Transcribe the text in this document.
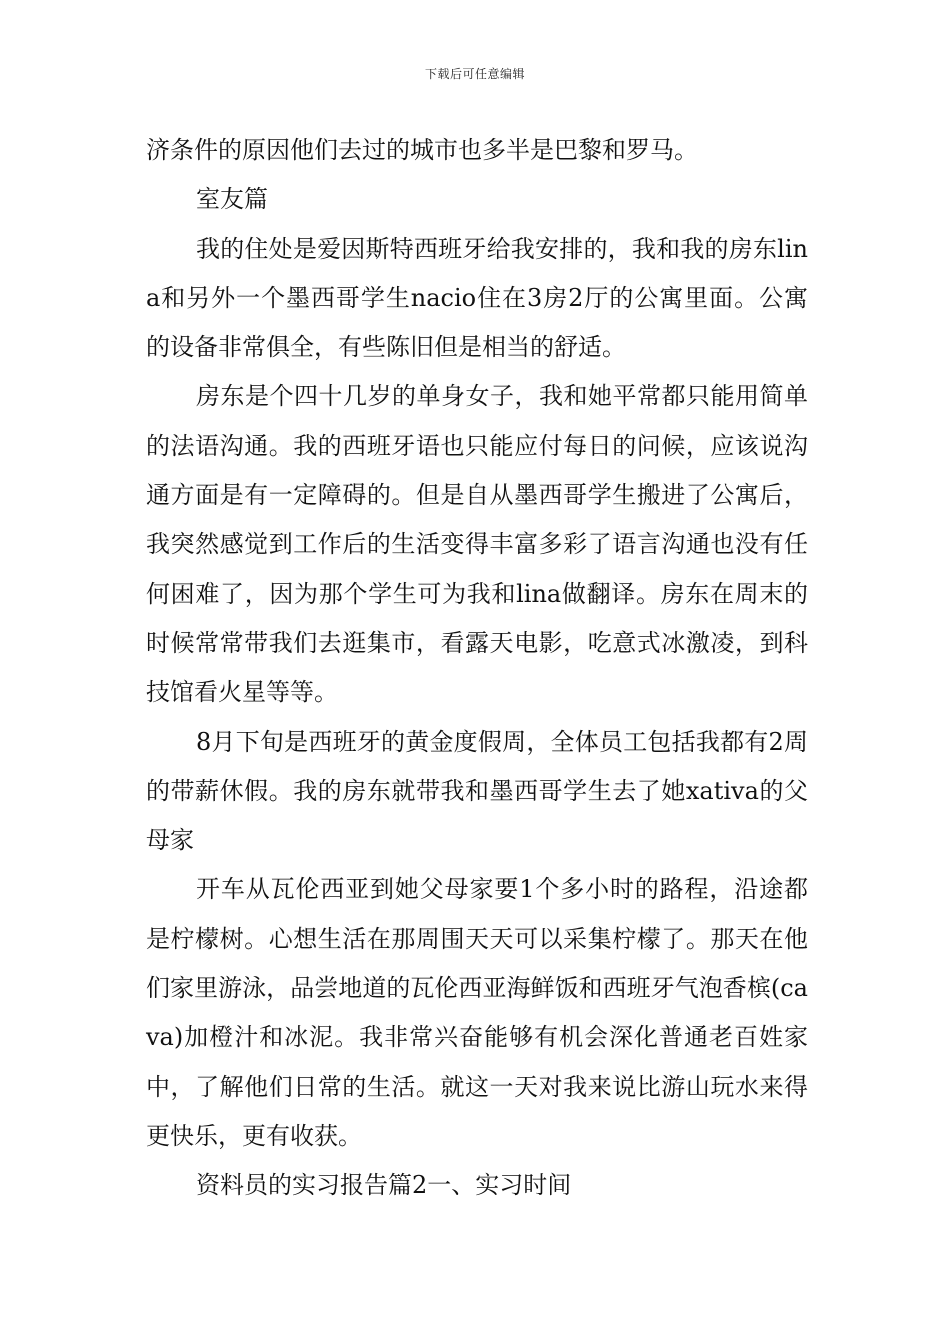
下载后可任意编辑

济条件的原因他们去过的城市也多半是巴黎和罗马。

室友篇

我的住处是爱因斯特西班牙给我安排的，我和我的房东lina和另外一个墨西哥学生nacio住在3房2厅的公寓里面。公寓的设备非常俱全，有些陈旧但是相当的舒适。

房东是个四十几岁的单身女子，我和她平常都只能用简单的法语沟通。我的西班牙语也只能应付每日的问候，应该说沟通方面是有一定障碍的。但是自从墨西哥学生搬进了公寓后，我突然感觉到工作后的生活变得丰富多彩了语言沟通也没有任何困难了，因为那个学生可为我和lina做翻译。房东在周末的时候常常带我们去逛集市，看露天电影，吃意式冰激凌，到科技馆看火星等等。

8月下旬是西班牙的黄金度假周，全体员工包括我都有2周的带薪休假。我的房东就带我和墨西哥学生去了她xativa的父母家

开车从瓦伦西亚到她父母家要1个多小时的路程，沿途都是柠檬树。心想生活在那周围天天可以采集柠檬了。那天在他们家里游泳，品尝地道的瓦伦西亚海鲜饭和西班牙气泡香槟(cava)加橙汁和冰泥。我非常兴奋能够有机会深化普通老百姓家中，了解他们日常的生活。就这一天对我来说比游山玩水来得更快乐，更有收获。

资料员的实习报告篇2一、实习时间
